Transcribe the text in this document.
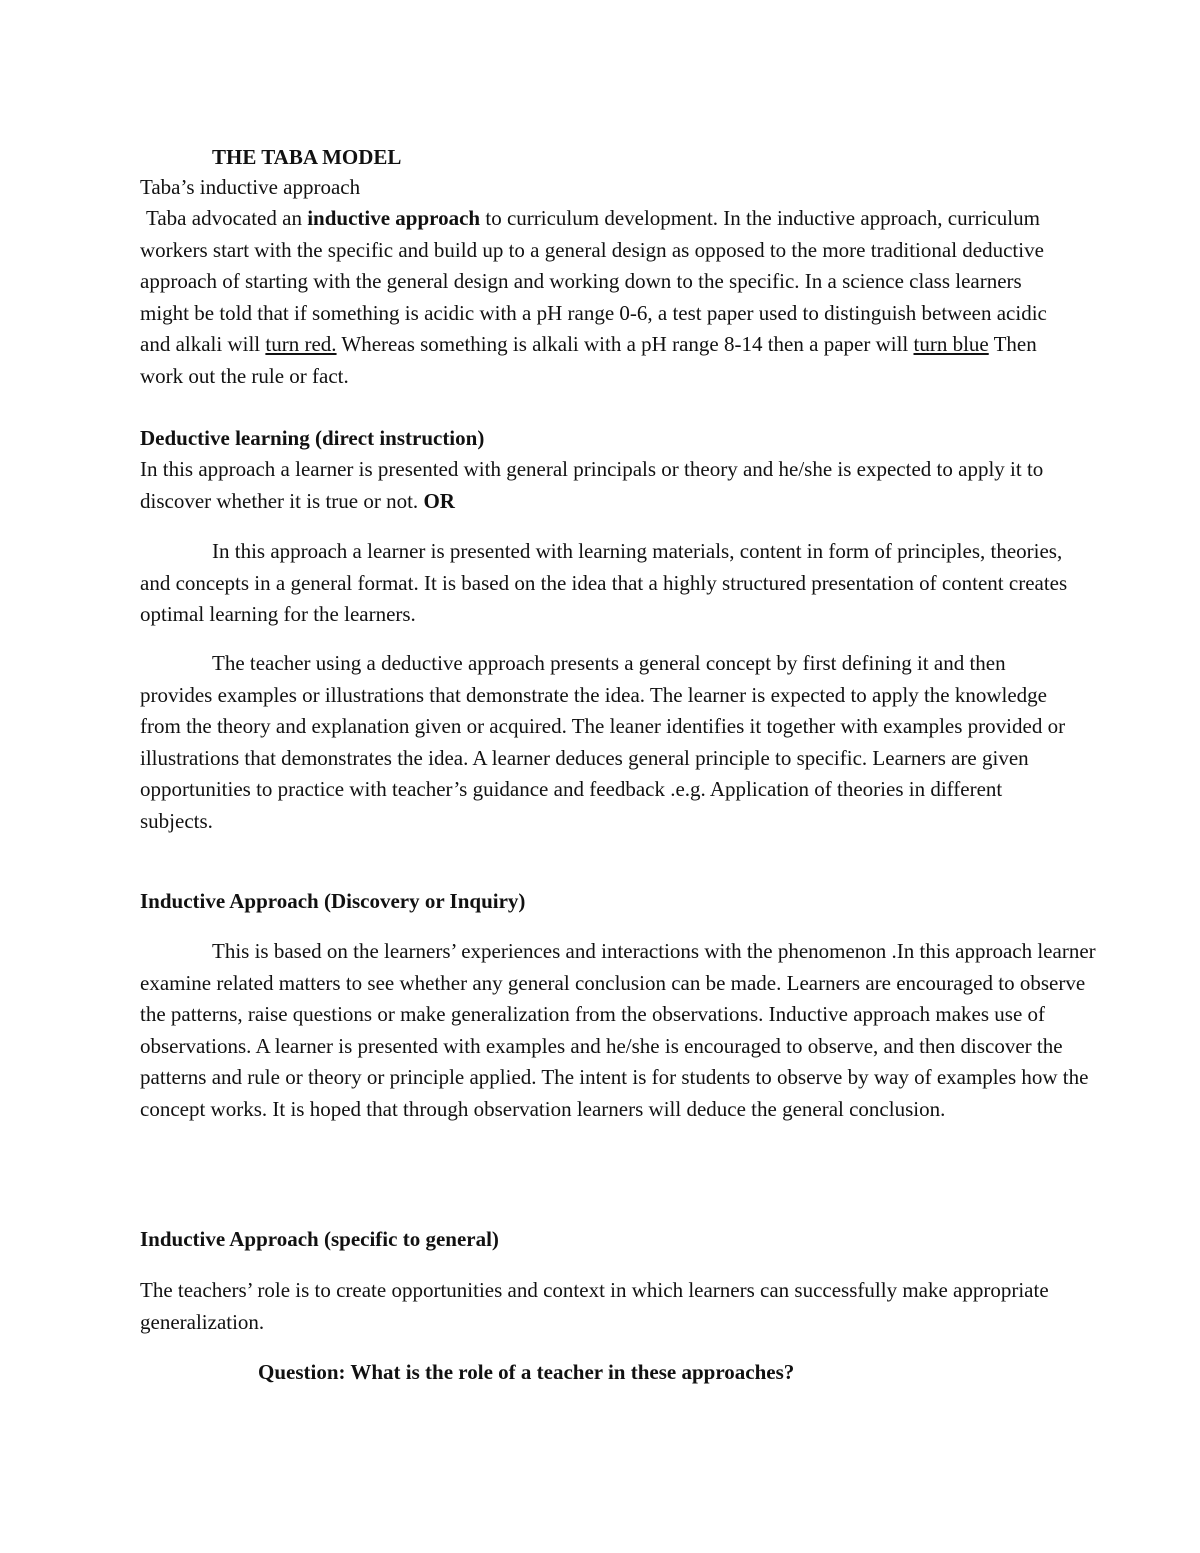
THE TABA MODEL
Taba’s inductive approach

Taba advocated an inductive approach to curriculum development. In the inductive approach, curriculum workers start with the specific and build up to a general design as opposed to the more traditional deductive approach of starting with the general design and working down to the specific. In a science class learners might be told that if something is acidic with a pH range 0-6, a test paper used to distinguish between acidic and alkali will turn red. Whereas something is alkali with a pH range 8-14 then a paper will turn blue Then work out the rule or fact.

Deductive learning (direct instruction)

In this approach a learner is presented with general principals or theory and he/she is expected to apply it to discover whether it is true or not. OR

In this approach a learner is presented with learning materials, content in form of principles, theories, and concepts in a general format. It is based on the idea that a highly structured presentation of content creates optimal learning for the learners.

The teacher using a deductive approach presents a general concept by first defining it and then provides examples or illustrations that demonstrate the idea. The learner is expected to apply the knowledge from the theory and explanation given or acquired. The leaner identifies it together with examples provided or illustrations that demonstrates the idea. A learner deduces general principle to specific. Learners are given opportunities to practice with teacher’s guidance and feedback .e.g. Application of theories in different subjects.

Inductive Approach (Discovery or Inquiry)

This is based on the learners’ experiences and interactions with the phenomenon .In this approach learner examine related matters to see whether any general conclusion can be made. Learners are encouraged to observe the patterns, raise questions or make generalization from the observations. Inductive approach makes use of observations. A learner is presented with examples and he/she is encouraged to observe, and then discover the patterns and rule or theory or principle applied. The intent is for students to observe by way of examples how the concept works. It is hoped that through observation learners will deduce the general conclusion.

Inductive Approach (specific to general)

The teachers’ role is to create opportunities and context in which learners can successfully make appropriate generalization.

Question: What is the role of a teacher in these approaches?
